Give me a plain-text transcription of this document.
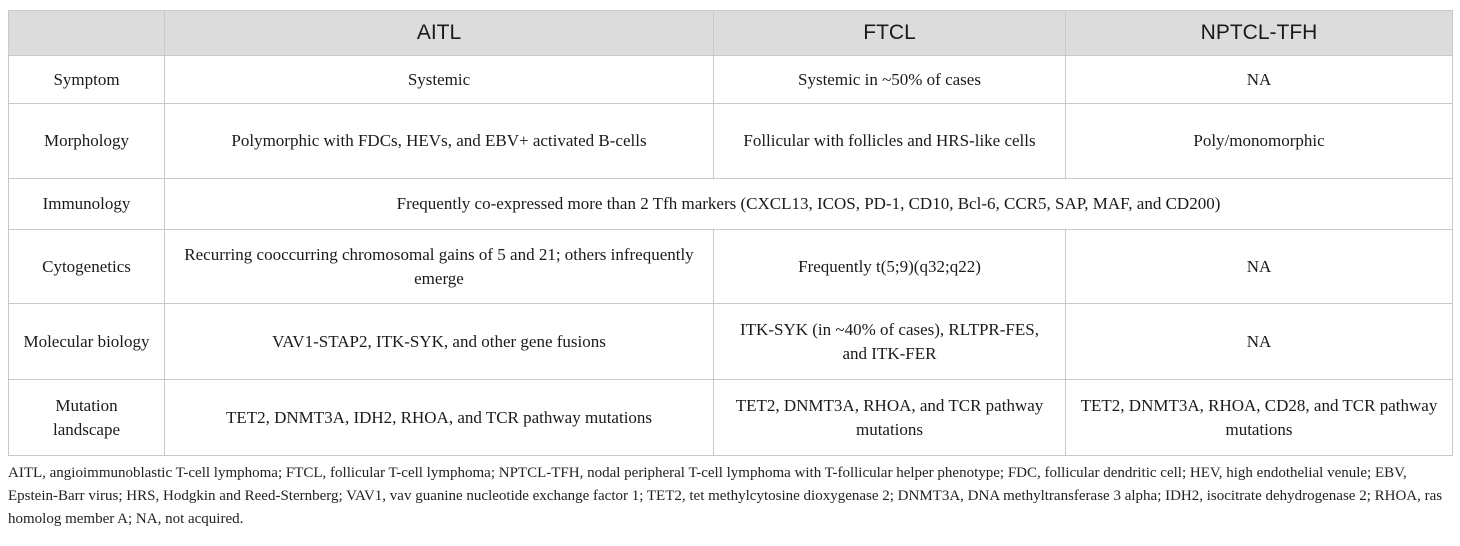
	AITL	FTCL	NPTCL-TFH
Symptom	Systemic	Systemic in ~50% of cases	NA
Morphology	Polymorphic with FDCs, HEVs, and EBV+ activated B-cells	Follicular with follicles and HRS-like cells	Poly/monomorphic
Immunology	Frequently co-expressed more than 2 Tfh markers (CXCL13, ICOS, PD-1, CD10, Bcl-6, CCR5, SAP, MAF, and CD200)		
Cytogenetics	Recurring cooccurring chromosomal gains of 5 and 21; others infrequently emerge	Frequently t(5;9)(q32;q22)	NA
Molecular biology	VAV1-STAP2, ITK-SYK, and other gene fusions	ITK-SYK (in ~40% of cases), RLTPR-FES, and ITK-FER	NA
Mutation landscape	TET2, DNMT3A, IDH2, RHOA, and TCR pathway mutations	TET2, DNMT3A, RHOA, and TCR pathway mutations	TET2, DNMT3A, RHOA, CD28, and TCR pathway mutations

AITL, angioimmunoblastic T-cell lymphoma; FTCL, follicular T-cell lymphoma; NPTCL-TFH, nodal peripheral T-cell lymphoma with T-follicular helper phenotype; FDC, follicular dendritic cell; HEV, high endothelial venule; EBV, Epstein-Barr virus; HRS, Hodgkin and Reed-Sternberg; VAV1, vav guanine nucleotide exchange factor 1; TET2, tet methylcytosine dioxygenase 2; DNMT3A, DNA methyltransferase 3 alpha; IDH2, isocitrate dehydrogenase 2; RHOA, ras homolog member A; NA, not acquired.
